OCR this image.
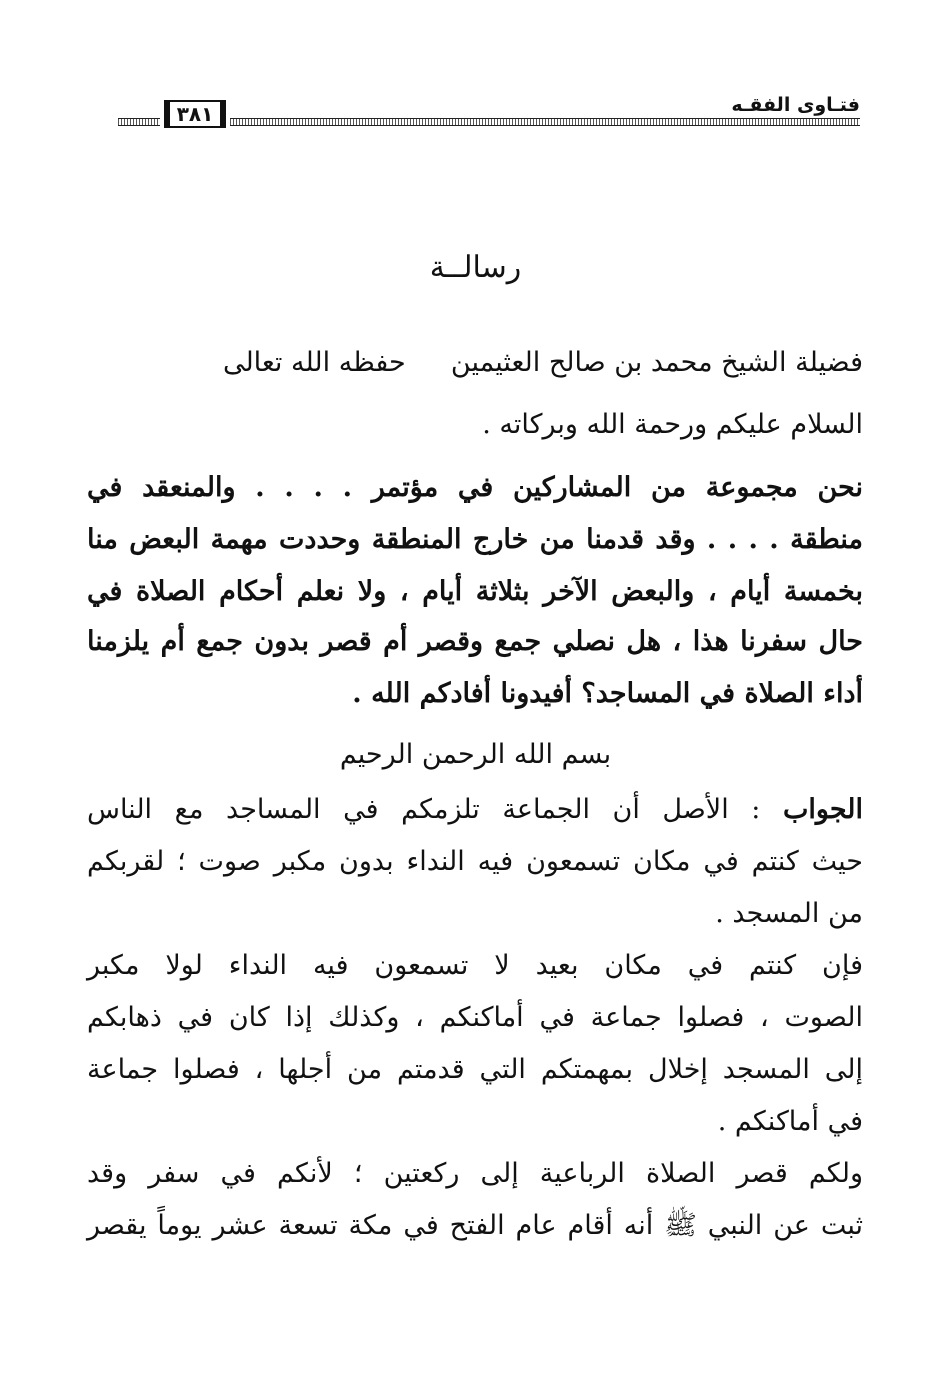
٣٨١	فتـاوى الفقـه
رسالــة
فضيلة الشيخ محمد بن صالح العثيمين  حفظه الله تعالى
السلام عليكم ورحمة الله وبركاته .
نحن مجموعة من المشاركين في مؤتمر . . . . والمنعقد في
منطقة . . . . وقد قدمنا من خارج المنطقة وحددت مهمة البعض منا
بخمسة أيام ، والبعض الآخر بثلاثة أيام ، ولا نعلم أحكام الصلاة في
حال سفرنا هذا ، هل نصلي جمع وقصر أم قصر بدون جمع أم يلزمنا
أداء الصلاة في المساجد؟ أفيدونا أفادكم الله .
بسم الله الرحمن الرحيم
الجواب : الأصل أن الجماعة تلزمكم في المساجد مع الناس
حيث كنتم في مكان تسمعون فيه النداء بدون مكبر صوت ؛ لقربكم
من المسجد .
فإن كنتم في مكان بعيد لا تسمعون فيه النداء لولا مكبر
الصوت ، فصلوا جماعة في أماكنكم ، وكذلك إذا كان في ذهابكم
إلى المسجد إخلال بمهمتكم التي قدمتم من أجلها ، فصلوا جماعة
في أماكنكم .
ولكم قصر الصلاة الرباعية إلى ركعتين ؛ لأنكم في سفر وقد
ثبت عن النبي ﷺ أنه أقام عام الفتح في مكة تسعة عشر يوماً يقصر
